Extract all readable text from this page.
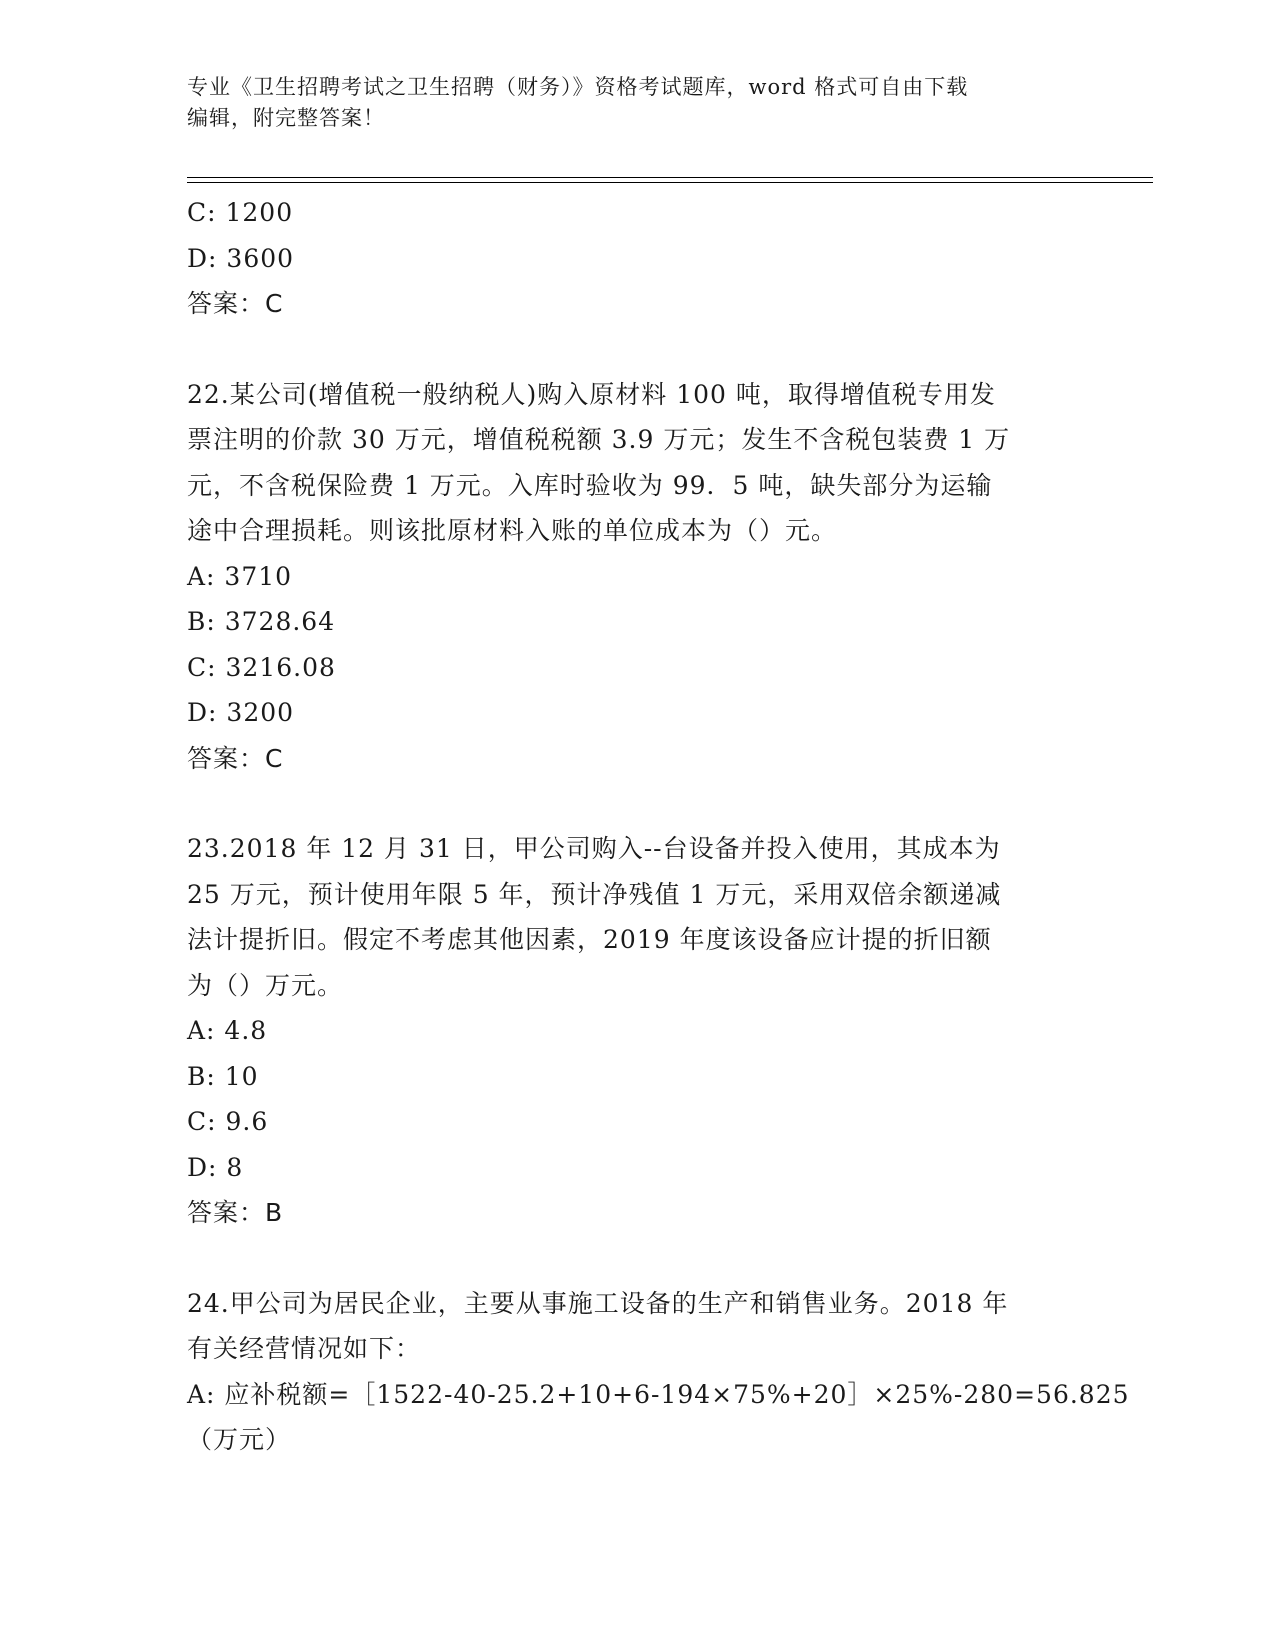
专业《卫生招聘考试之卫生招聘（财务）》资格考试题库，word 格式可自由下载
编辑，附完整答案！
C: 1200
D: 3600
答案：C
22.某公司(增值税一般纳税人)购入原材料 100 吨，取得增值税专用发
票注明的价款 30 万元，增值税税额 3.9 万元；发生不含税包装费 1 万
元，不含税保险费 1 万元。入库时验收为 99．5 吨，缺失部分为运输
途中合理损耗。则该批原材料入账的单位成本为（）元。
A: 3710
B: 3728.64
C: 3216.08
D: 3200
答案：C
23.2018 年 12 月 31 日，甲公司购入--台设备并投入使用，其成本为
25 万元，预计使用年限 5 年，预计净残值 1 万元，采用双倍余额递减
法计提折旧。假定不考虑其他因素，2019 年度该设备应计提的折旧额
为（）万元。
A: 4.8
B: 10
C: 9.6
D: 8
答案：B
24.甲公司为居民企业，主要从事施工设备的生产和销售业务。2018 年
有关经营情况如下：
A: 应补税额=［1522-40-25.2+10+6-194×75%+20］×25%-280=56.825
（万元）
